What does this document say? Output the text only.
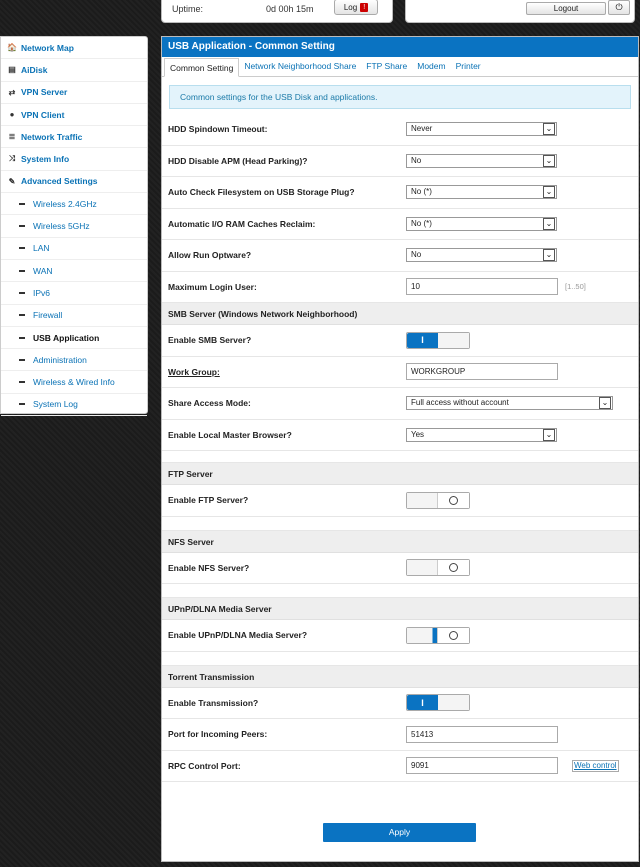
Uptime:	0d 00h 15m	Log !	Logout	⏻
🏠 Network Map
▤ AiDisk
⇄ VPN Server
● VPN Client
≣ Network Traffic
⤨ System Info
✎ Advanced Settings
Wireless 2.4GHz
Wireless 5GHz
LAN
WAN
IPv6
Firewall
USB Application
Administration
Wireless & Wired Info
System Log
USB Application - Common Setting
Common Setting	Network Neighborhood Share	FTP Share	Modem	Printer
Common settings for the USB Disk and applications.
HDD Spindown Timeout:	Never	⌄
HDD Disable APM (Head Parking)?	No	⌄
Auto Check Filesystem on USB Storage Plug?	No (*)	⌄
Automatic I/O RAM Caches Reclaim:	No (*)	⌄
Allow Run Optware?	No	⌄
Maximum Login User:	10	[1..50]
SMB Server (Windows Network Neighborhood)
Enable SMB Server?	I
Work Group:	WORKGROUP
Share Access Mode:	Full access without account	⌄
Enable Local Master Browser?	Yes	⌄
FTP Server
Enable FTP Server?
NFS Server
Enable NFS Server?
UPnP/DLNA Media Server
Enable UPnP/DLNA Media Server?
Torrent Transmission
Enable Transmission?	I
Port for Incoming Peers:	51413
RPC Control Port:	9091	Web control
Apply
